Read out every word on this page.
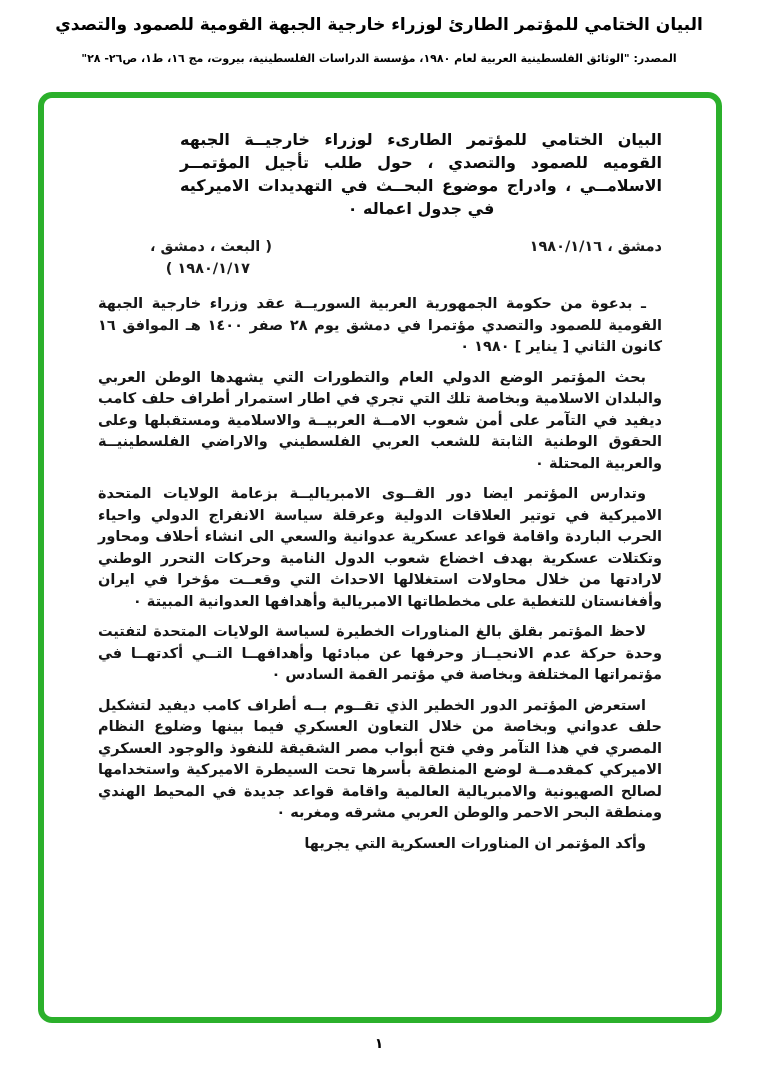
البيان الختامي للمؤتمر الطارئ لوزراء خارجية الجبهة القومية للصمود والتصدي
المصدر: "الوثائق الفلسطينية العربية لعام ١٩٨٠، مؤسسة الدراسات الفلسطينية، بيروت، مج ١٦، ط١، ص٢٦- ٢٨"

البيان الختامي للمؤتمر الطارىء لوزراء خارجيــة الجبهه القوميه للصمود والتصدي ، حول طلب تأجيل المؤتمــر الاسلامــي ، وادراج موضوع البحــث في التهديدات الاميركيه في جدول اعماله ٠

دمشق ، ١٩٨٠/١/١٦
( البعث ، دمشق ،
١٩٨٠/١/١٧ )

ـ بدعوة من حكومة الجمهورية العربية السوريــة عقد وزراء خارجية الجبهة القومية للصمود والتصدي مؤتمرا في دمشق يوم ٢٨ صفر ١٤٠٠ هـ الموافق ١٦ كانون الثاني [ يناير ] ١٩٨٠ ٠

بحث المؤتمر الوضع الدولي العام والتطورات التي يشهدها الوطن العربي والبلدان الاسلامية وبخاصة تلك التي تجري في اطار استمرار أطراف حلف كامب ديفيد في التآمر على أمن شعوب الامــة العربيــة والاسلامية ومستقبلها وعلى الحقوق الوطنية الثابتة للشعب العربي الفلسطيني والاراضي الفلسطينيــة والعربية المحتلة ٠

وتدارس المؤتمر ايضا دور القــوى الامبرياليــة بزعامة الولايات المتحدة الاميركية في توتير العلاقات الدولية وعرقلة سياسة الانفراج الدولي واحياء الحرب الباردة واقامة قواعد عسكرية عدوانية والسعي الى انشاء أحلاف ومحاور وتكتلات عسكرية بهدف اخضاع شعوب الدول النامية وحركات التحرر الوطني لارادتها من خلال محاولات استغلالها الاحداث التي وقعــت مؤخرا في ايران وأفغانستان للتغطية على مخططاتها الامبريالية وأهدافها العدوانية المبيتة ٠

لاحظ المؤتمر بقلق بالغ المناورات الخطيرة لسياسة الولايات المتحدة لتفتيت وحدة حركة عدم الانحيــاز وحرفها عن مبادئها وأهدافهــا التــي أكدتهــا في مؤتمراتها المختلفة وبخاصة في مؤتمر القمة السادس ٠

استعرض المؤتمر الدور الخطير الذي تقــوم بــه أطراف كامب ديفيد لتشكيل حلف عدواني وبخاصة من خلال التعاون العسكري فيما بينها وضلوع النظام المصري في هذا التآمر وفي فتح أبواب مصر الشقيقة للنفوذ والوجود العسكري الاميركي كمقدمــة لوضع المنطقة بأسرها تحت السيطرة الاميركية واستخدامها لصالح الصهيونية والامبريالية العالمية واقامة قواعد جديدة في المحيط الهندي ومنطقة البحر الاحمر والوطن العربي مشرقه ومغربه ٠

وأكد المؤتمر ان المناورات العسكرية التي يجريها

١
